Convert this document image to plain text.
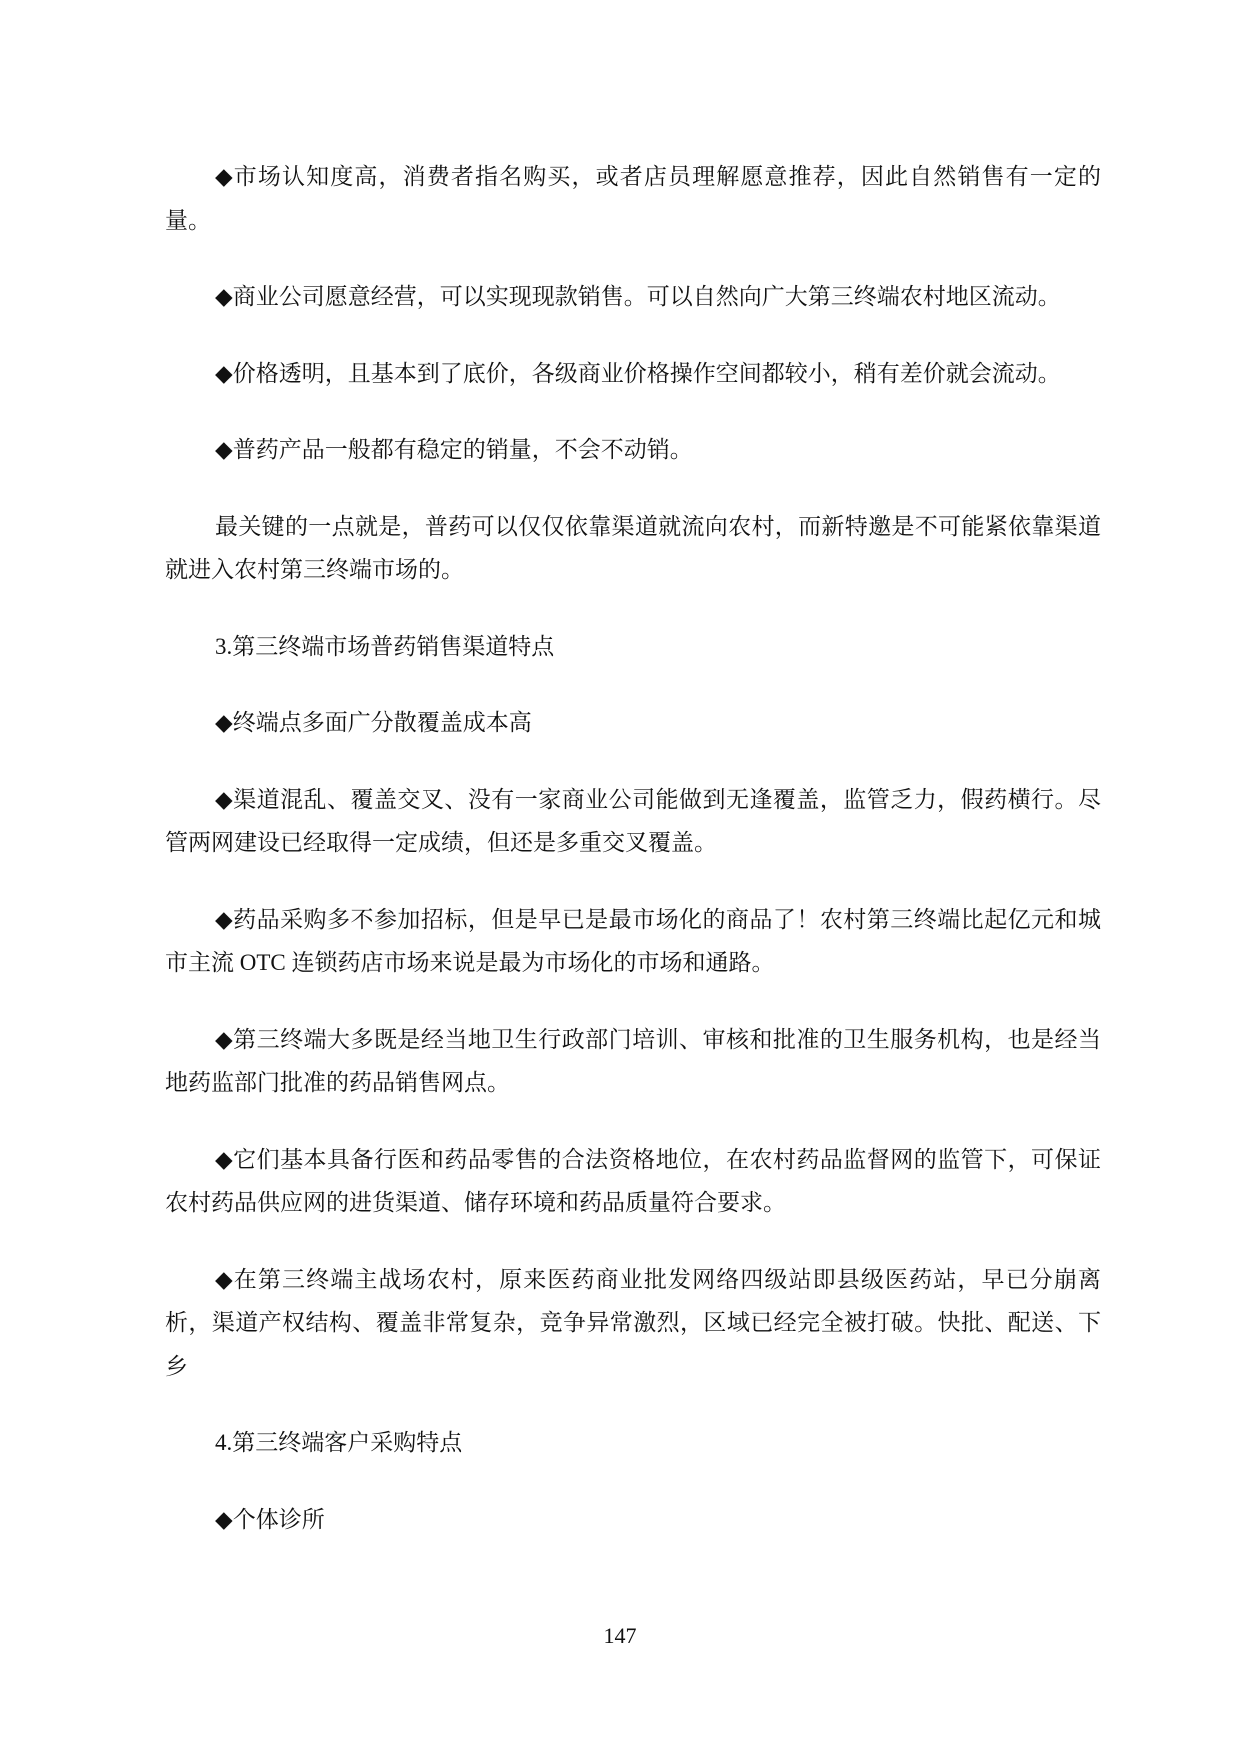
◆市场认知度高，消费者指名购买，或者店员理解愿意推荐，因此自然销售有一定的量。

◆商业公司愿意经营，可以实现现款销售。可以自然向广大第三终端农村地区流动。

◆价格透明，且基本到了底价，各级商业价格操作空间都较小，稍有差价就会流动。

◆普药产品一般都有稳定的销量，不会不动销。

最关键的一点就是，普药可以仅仅依靠渠道就流向农村，而新特邀是不可能紧依靠渠道就进入农村第三终端市场的。

3.第三终端市场普药销售渠道特点

◆终端点多面广分散覆盖成本高

◆渠道混乱、覆盖交叉、没有一家商业公司能做到无逢覆盖，监管乏力，假药横行。尽管两网建设已经取得一定成绩，但还是多重交叉覆盖。

◆药品采购多不参加招标，但是早已是最市场化的商品了！农村第三终端比起亿元和城市主流 OTC 连锁药店市场来说是最为市场化的市场和通路。

◆第三终端大多既是经当地卫生行政部门培训、审核和批准的卫生服务机构，也是经当地药监部门批准的药品销售网点。

◆它们基本具备行医和药品零售的合法资格地位，在农村药品监督网的监管下，可保证农村药品供应网的进货渠道、储存环境和药品质量符合要求。

◆在第三终端主战场农村，原来医药商业批发网络四级站即县级医药站，早已分崩离析，渠道产权结构、覆盖非常复杂，竞争异常激烈，区域已经完全被打破。快批、配送、下乡

4.第三终端客户采购特点

◆个体诊所

147
